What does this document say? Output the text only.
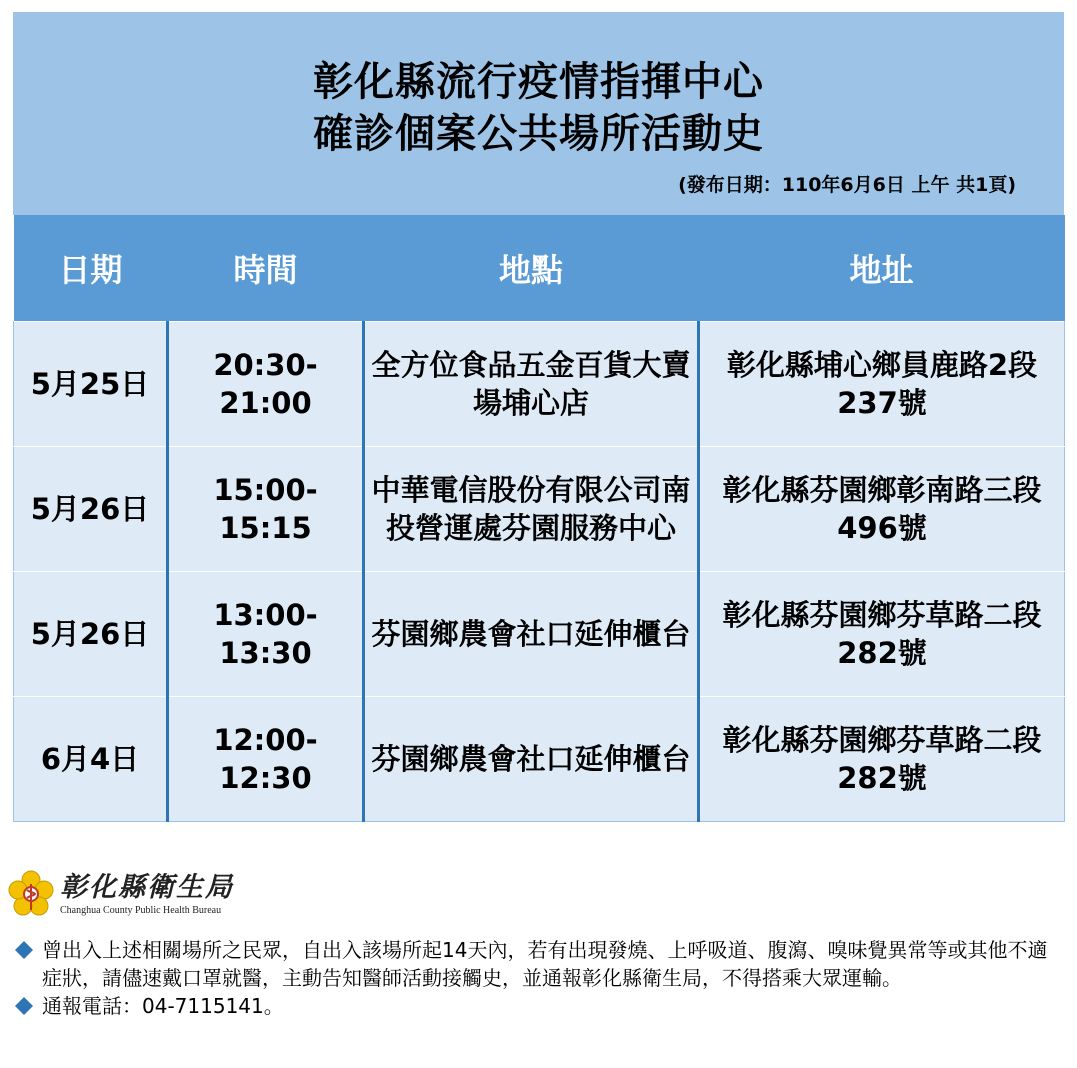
彰化縣流行疫情指揮中心
確診個案公共場所活動史
(發布日期：110年6月6日 上午 共1頁)
日期	時間	地點	地址
5月25日	20:30-21:00	全方位食品五金百貨大賣場埔心店	彰化縣埔心鄉員鹿路2段237號
5月26日	15:00-15:15	中華電信股份有限公司南投營運處芬園服務中心	彰化縣芬園鄉彰南路三段496號
5月26日	13:00-13:30	芬園鄉農會社口延伸櫃台	彰化縣芬園鄉芬草路二段282號
6月4日	12:00-12:30	芬園鄉農會社口延伸櫃台	彰化縣芬園鄉芬草路二段282號
彰化縣衛生局
Changhua County Public Health Bureau
曾出入上述相關場所之民眾，自出入該場所起14天內，若有出現發燒、上呼吸道、腹瀉、嗅味覺異常等或其他不適症狀，請儘速戴口罩就醫，主動告知醫師活動接觸史，並通報彰化縣衛生局，不得搭乘大眾運輸。
通報電話：04-7115141。
